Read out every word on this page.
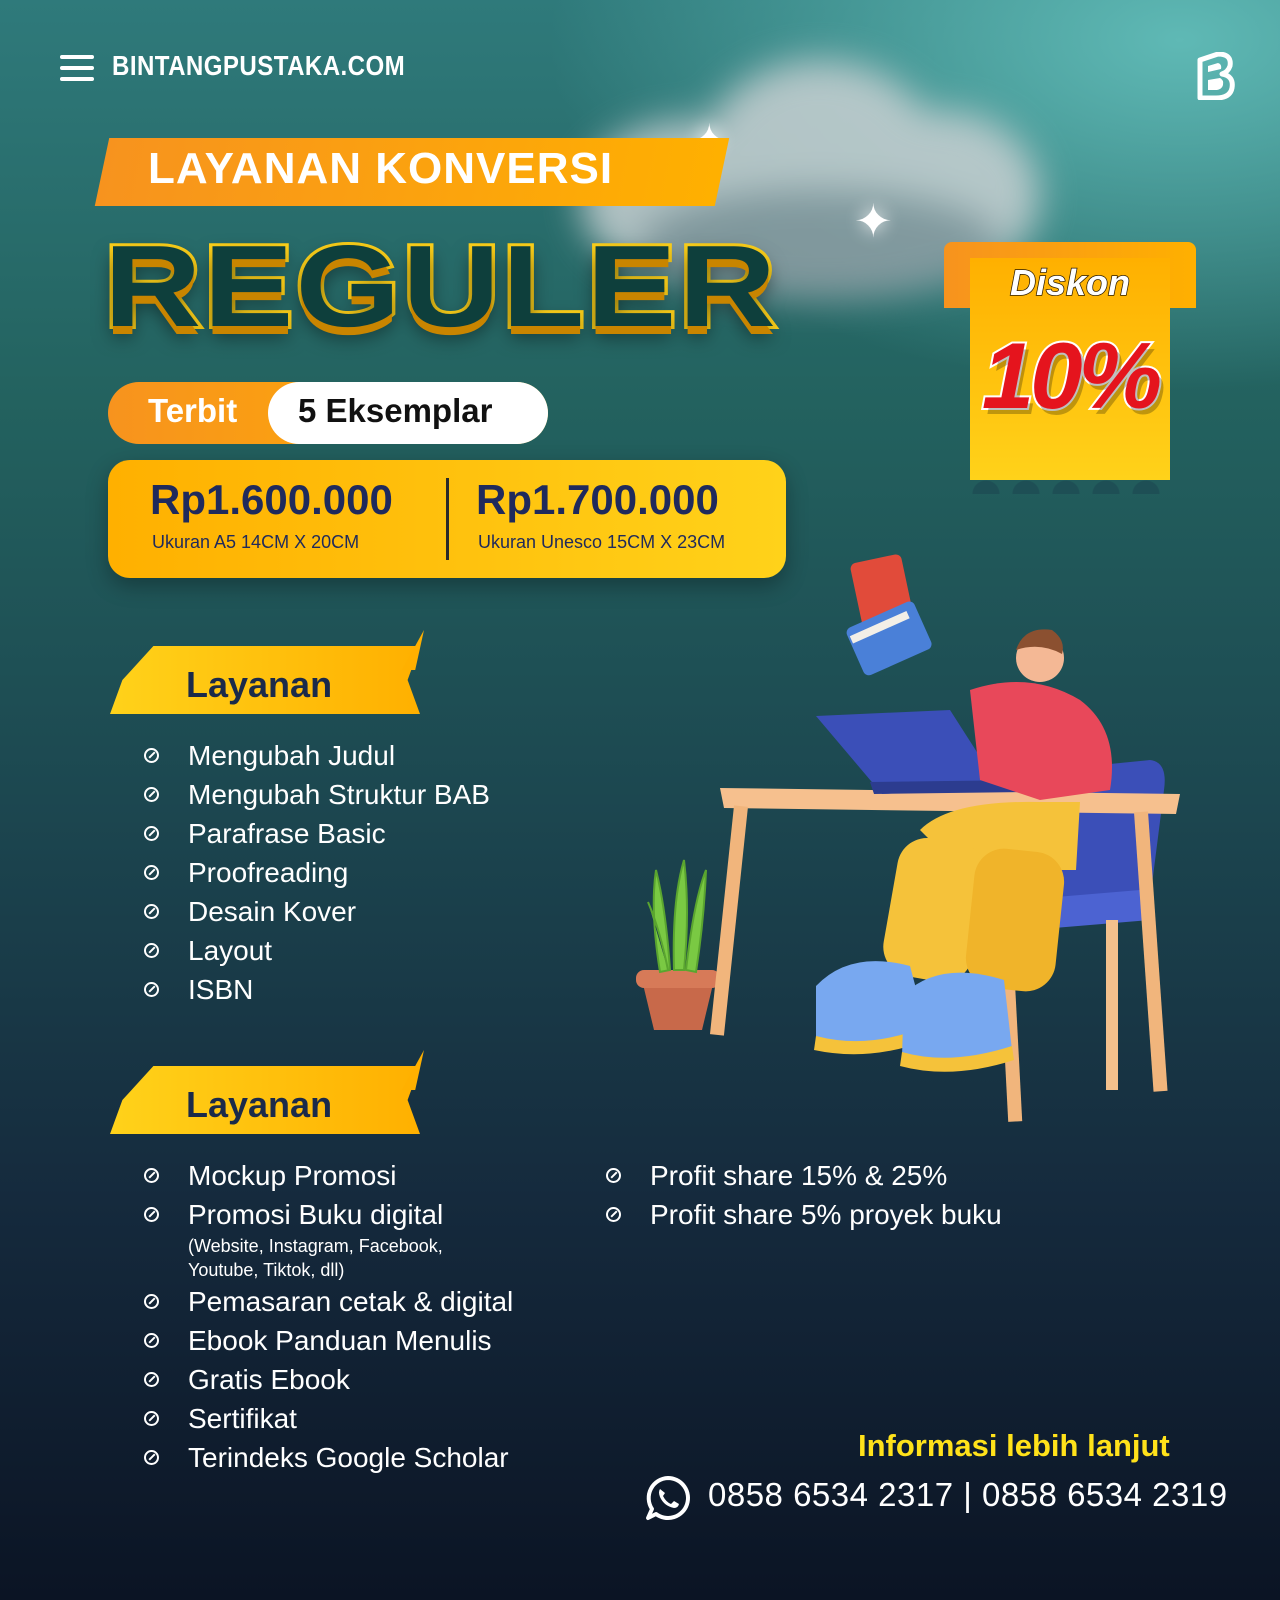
✦
BINTANGPUSTAKA.COM
LAYANAN KONVERSI
REGULER	Diskon
10%
Terbit 5 Eksemplar
Rp1.600.000
Ukuran A5 14CM X 20CM
Rp1.700.000
Ukuran Unesco 15CM X 23CM
Layanan
Mengubah Judul
Mengubah Struktur BAB
Parafrase Basic
Proofreading
Desain Kover
Layout
ISBN
Layanan
Mockup Promosi
Promosi Buku digital
(Website, Instagram, Facebook,
Youtube, Tiktok, dll)
Pemasaran cetak & digital
Ebook Panduan Menulis
Gratis Ebook
Sertifikat
Terindeks Google Scholar
Profit share 15% & 25%
Profit share 5% proyek buku
Informasi lebih lanjut
0858 6534 2317 | 0858 6534 2319
